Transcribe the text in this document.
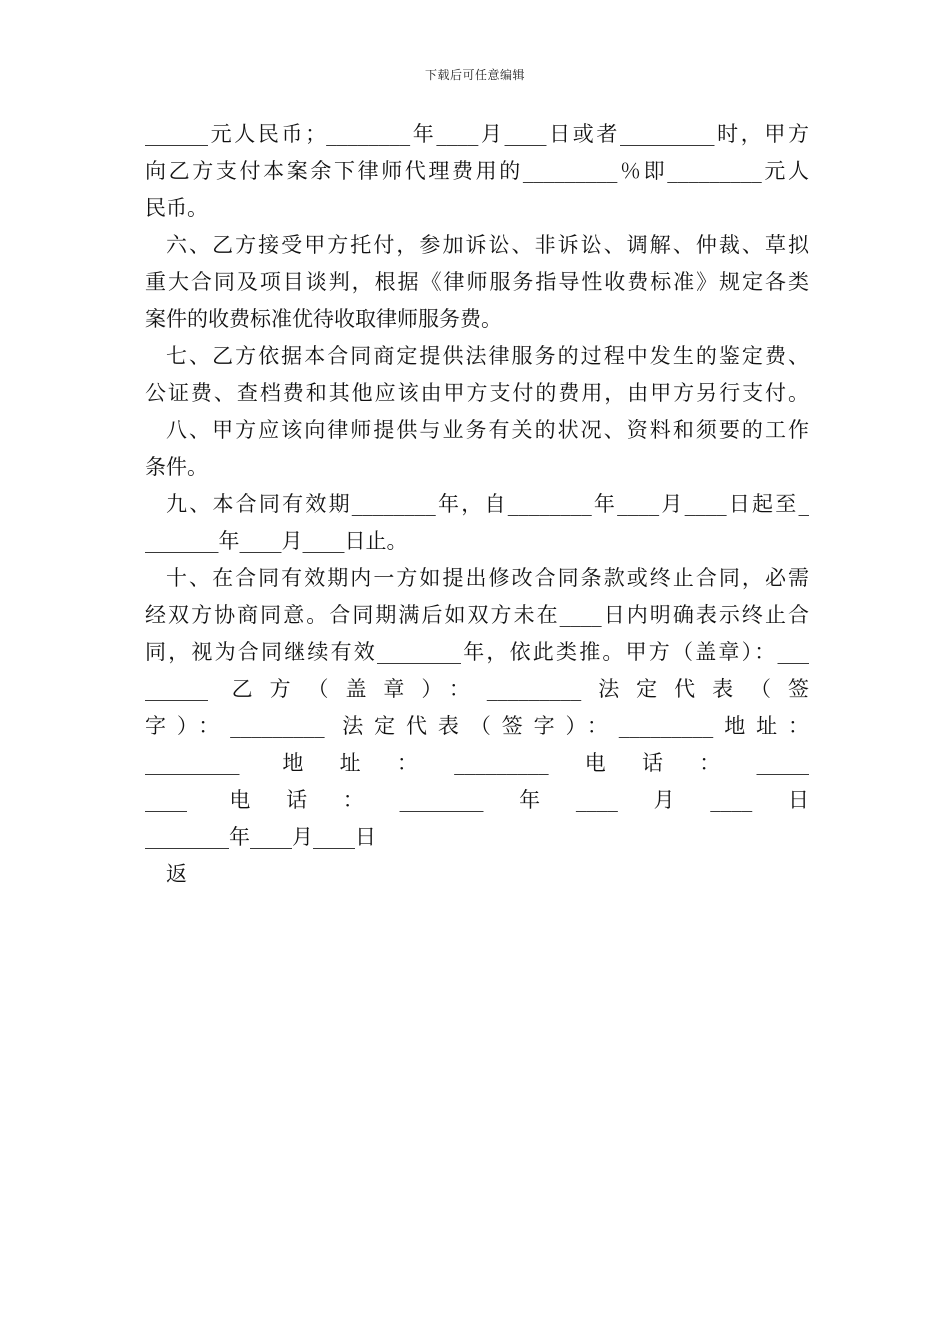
下载后可任意编辑
______元人民币；________年____月____日或者_________时，甲方
向乙方支付本案余下律师代理费用的_________％即_________元人
民币。
六、乙方接受甲方托付，参加诉讼、非诉讼、调解、仲裁、草拟
重大合同及项目谈判，根据《律师服务指导性收费标准》规定各类
案件的收费标准优待收取律师服务费。
七、乙方依据本合同商定提供法律服务的过程中发生的鉴定费、
公证费、查档费和其他应该由甲方支付的费用，由甲方另行支付。
八、甲方应该向律师提供与业务有关的状况、资料和须要的工作
条件。
九、本合同有效期________年，自________年____月____日起至_
_______年____月____日止。
十、在合同有效期内一方如提出修改合同条款或终止合同，必需
经双方协商同意。合同期满后如双方未在____日内明确表示终止合
同，视为合同继续有效________年，依此类推。甲方（盖章）：___
______ 乙方（盖章）：_________法定代表（签
字）：_________ 法定代表（签字）：_________地址：
_________ 地址：_________电话：_____
____ 电话：________年____月____日
________年____月____日
返
